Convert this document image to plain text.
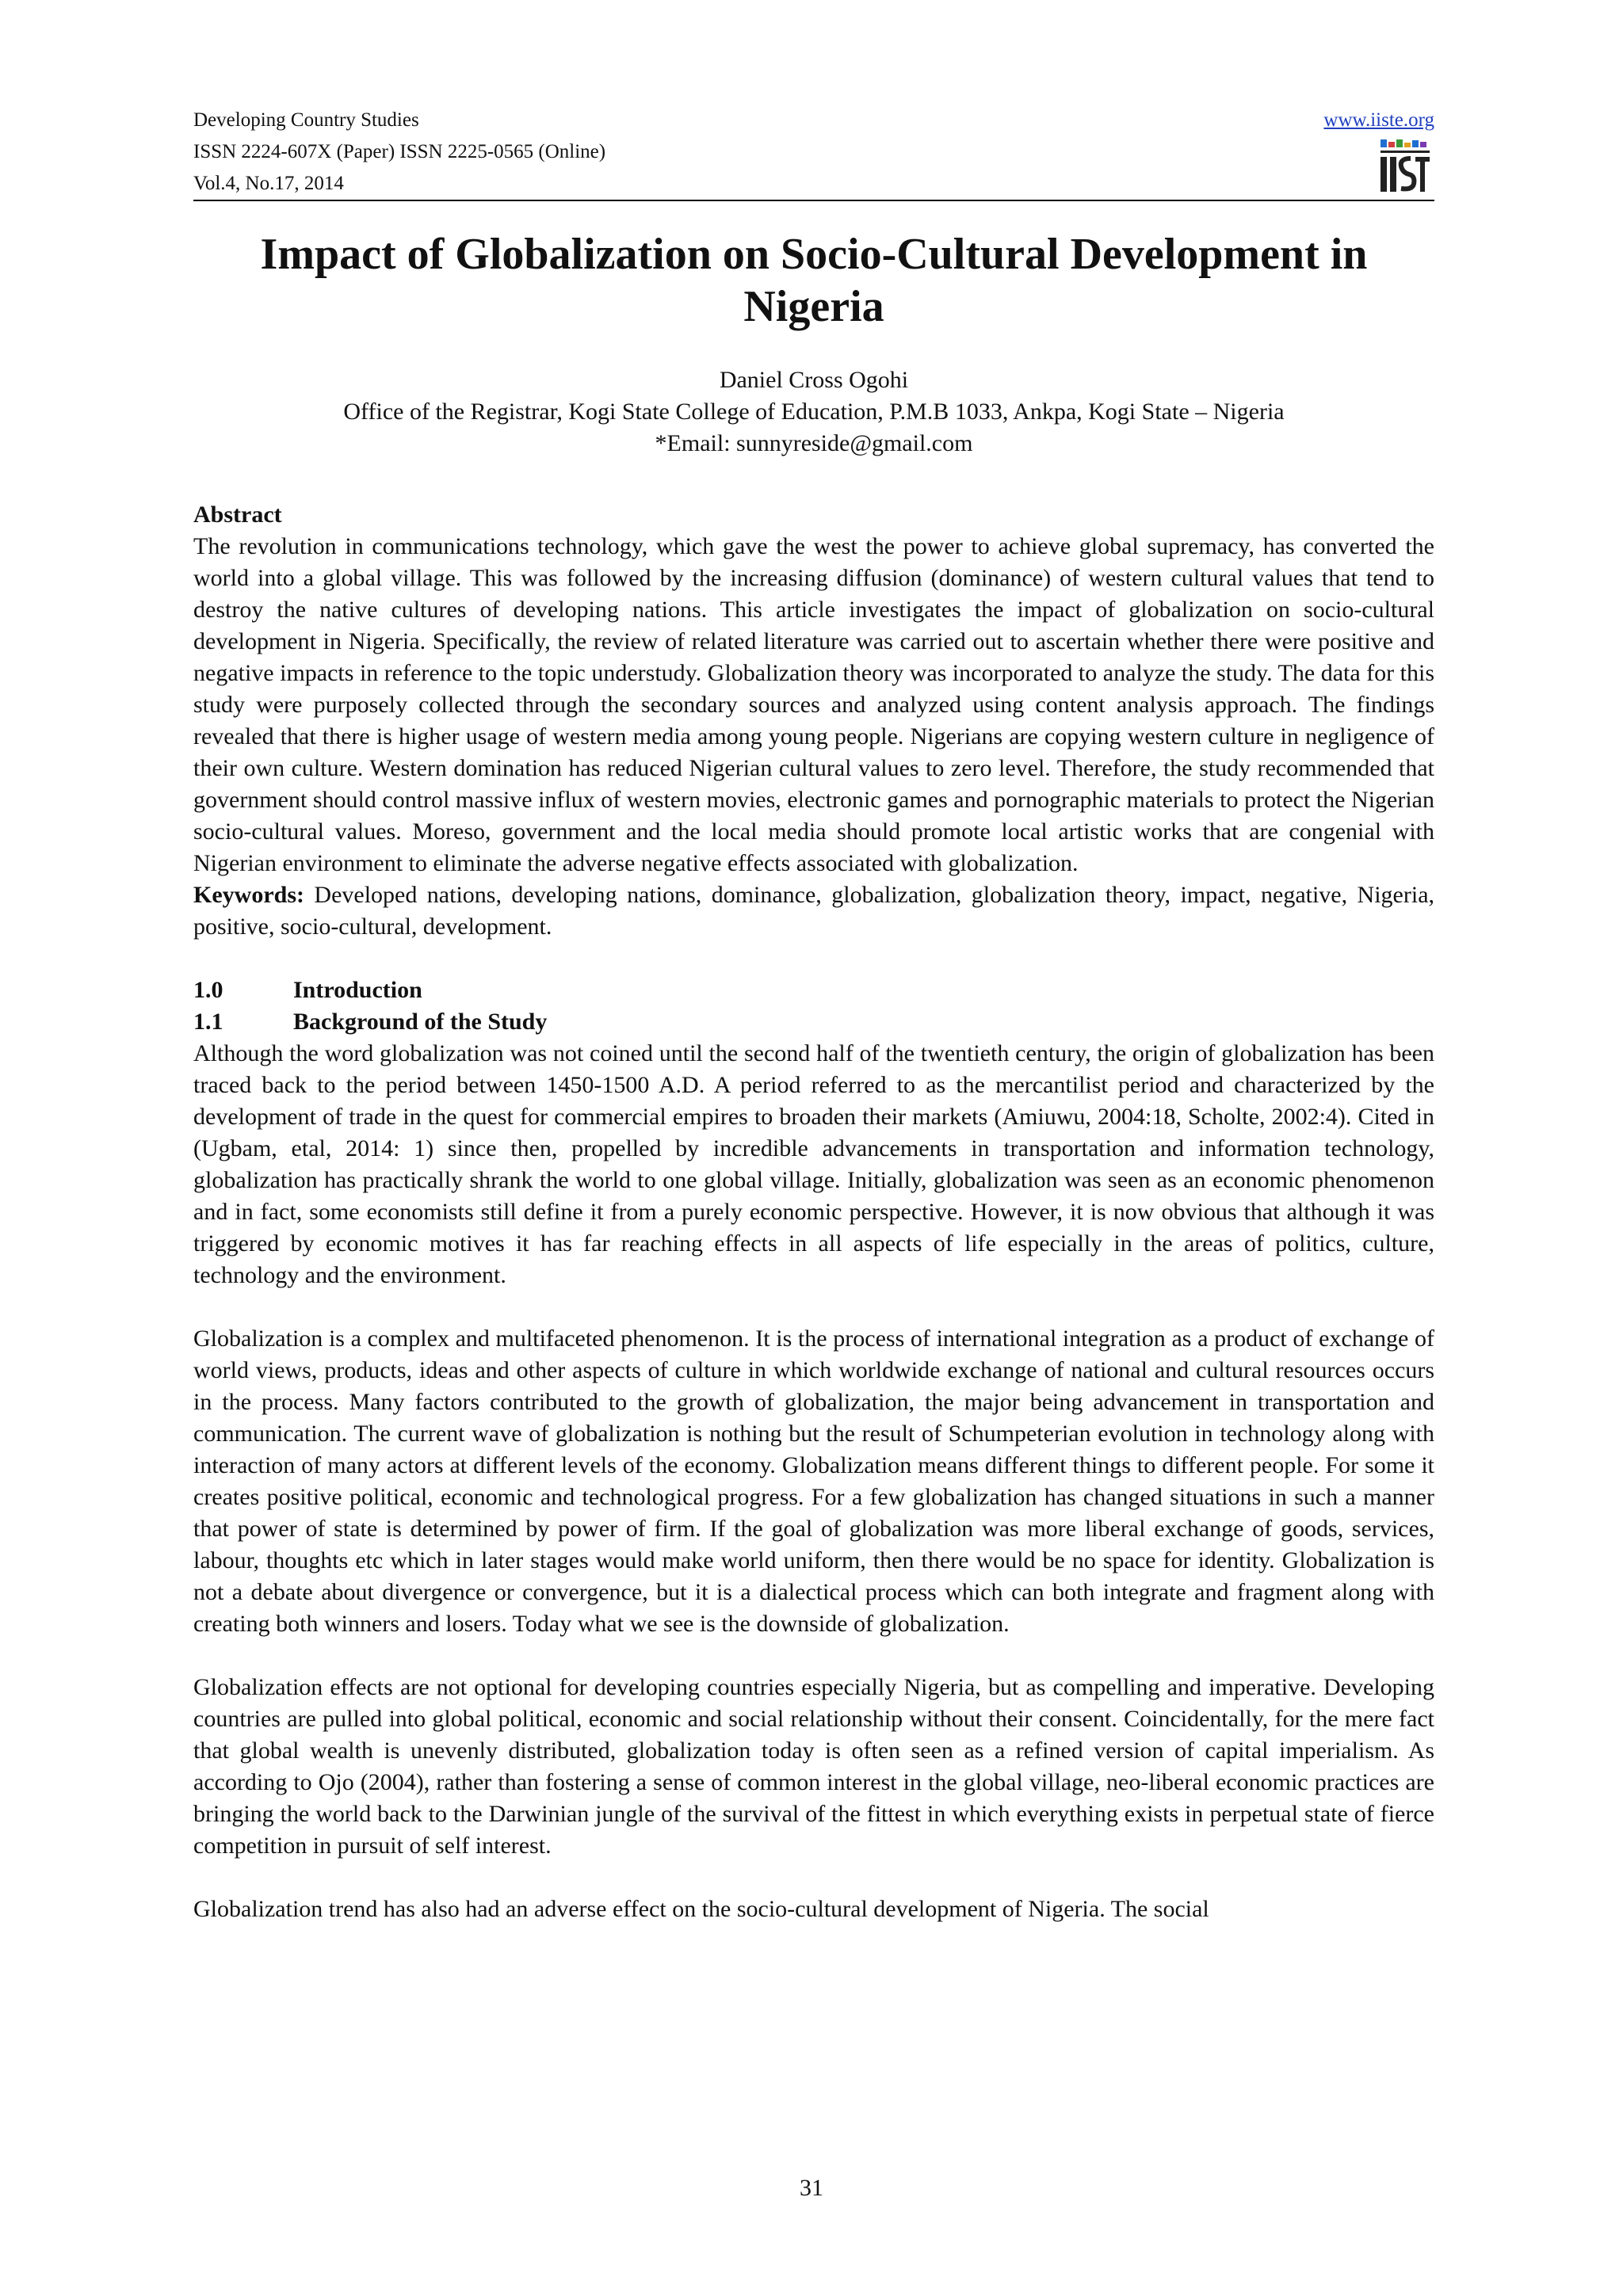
Developing Country Studies
ISSN 2224-607X (Paper) ISSN 2225-0565 (Online)
Vol.4, No.17, 2014
www.iiste.org
Impact of Globalization on Socio-Cultural Development in Nigeria
Daniel Cross Ogohi
Office of the Registrar, Kogi State College of Education, P.M.B 1033, Ankpa, Kogi State – Nigeria
*Email: sunnyreside@gmail.com
Abstract

The revolution in communications technology, which gave the west the power to achieve global supremacy, has converted the world into a global village. This was followed by the increasing diffusion (dominance) of western cultural values that tend to destroy the native cultures of developing nations. This article investigates the impact of globalization on socio-cultural development in Nigeria. Specifically, the review of related literature was carried out to ascertain whether there were positive and negative impacts in reference to the topic understudy. Globalization theory was incorporated to analyze the study. The data for this study were purposely collected through the secondary sources and analyzed using content analysis approach. The findings revealed that there is higher usage of western media among young people. Nigerians are copying western culture in negligence of their own culture. Western domination has reduced Nigerian cultural values to zero level. Therefore, the study recommended that government should control massive influx of western movies, electronic games and pornographic materials to protect the Nigerian socio-cultural values. Moreso, government and the local media should promote local artistic works that are congenial with Nigerian environment to eliminate the adverse negative effects associated with globalization.

Keywords: Developed nations, developing nations, dominance, globalization, globalization theory, impact, negative, Nigeria, positive, socio-cultural, development.

1.0	Introduction
1.1	Background of the Study

Although the word globalization was not coined until the second half of the twentieth century, the origin of globalization has been traced back to the period between 1450-1500 A.D. A period referred to as the mercantilist period and characterized by the development of trade in the quest for commercial empires to broaden their markets (Amiuwu, 2004:18, Scholte, 2002:4). Cited in (Ugbam, etal, 2014: 1) since then, propelled by incredible advancements in transportation and information technology, globalization has practically shrank the world to one global village. Initially, globalization was seen as an economic phenomenon and in fact, some economists still define it from a purely economic perspective. However, it is now obvious that although it was triggered by economic motives it has far reaching effects in all aspects of life especially in the areas of politics, culture, technology and the environment.

Globalization is a complex and multifaceted phenomenon. It is the process of international integration as a product of exchange of world views, products, ideas and other aspects of culture in which worldwide exchange of national and cultural resources occurs in the process. Many factors contributed to the growth of globalization, the major being advancement in transportation and communication. The current wave of globalization is nothing but the result of Schumpeterian evolution in technology along with interaction of many actors at different levels of the economy. Globalization means different things to different people. For some it creates positive political, economic and technological progress. For a few globalization has changed situations in such a manner that power of state is determined by power of firm. If the goal of globalization was more liberal exchange of goods, services, labour, thoughts etc which in later stages would make world uniform, then there would be no space for identity. Globalization is not a debate about divergence or convergence, but it is a dialectical process which can both integrate and fragment along with creating both winners and losers. Today what we see is the downside of globalization.

Globalization effects are not optional for developing countries especially Nigeria, but as compelling and imperative. Developing countries are pulled into global political, economic and social relationship without their consent. Coincidentally, for the mere fact that global wealth is unevenly distributed, globalization today is often seen as a refined version of capital imperialism. As according to Ojo (2004), rather than fostering a sense of common interest in the global village, neo-liberal economic practices are bringing the world back to the Darwinian jungle of the survival of the fittest in which everything exists in perpetual state of fierce competition in pursuit of self interest.

Globalization trend has also had an adverse effect on the socio-cultural development of Nigeria. The social

31
